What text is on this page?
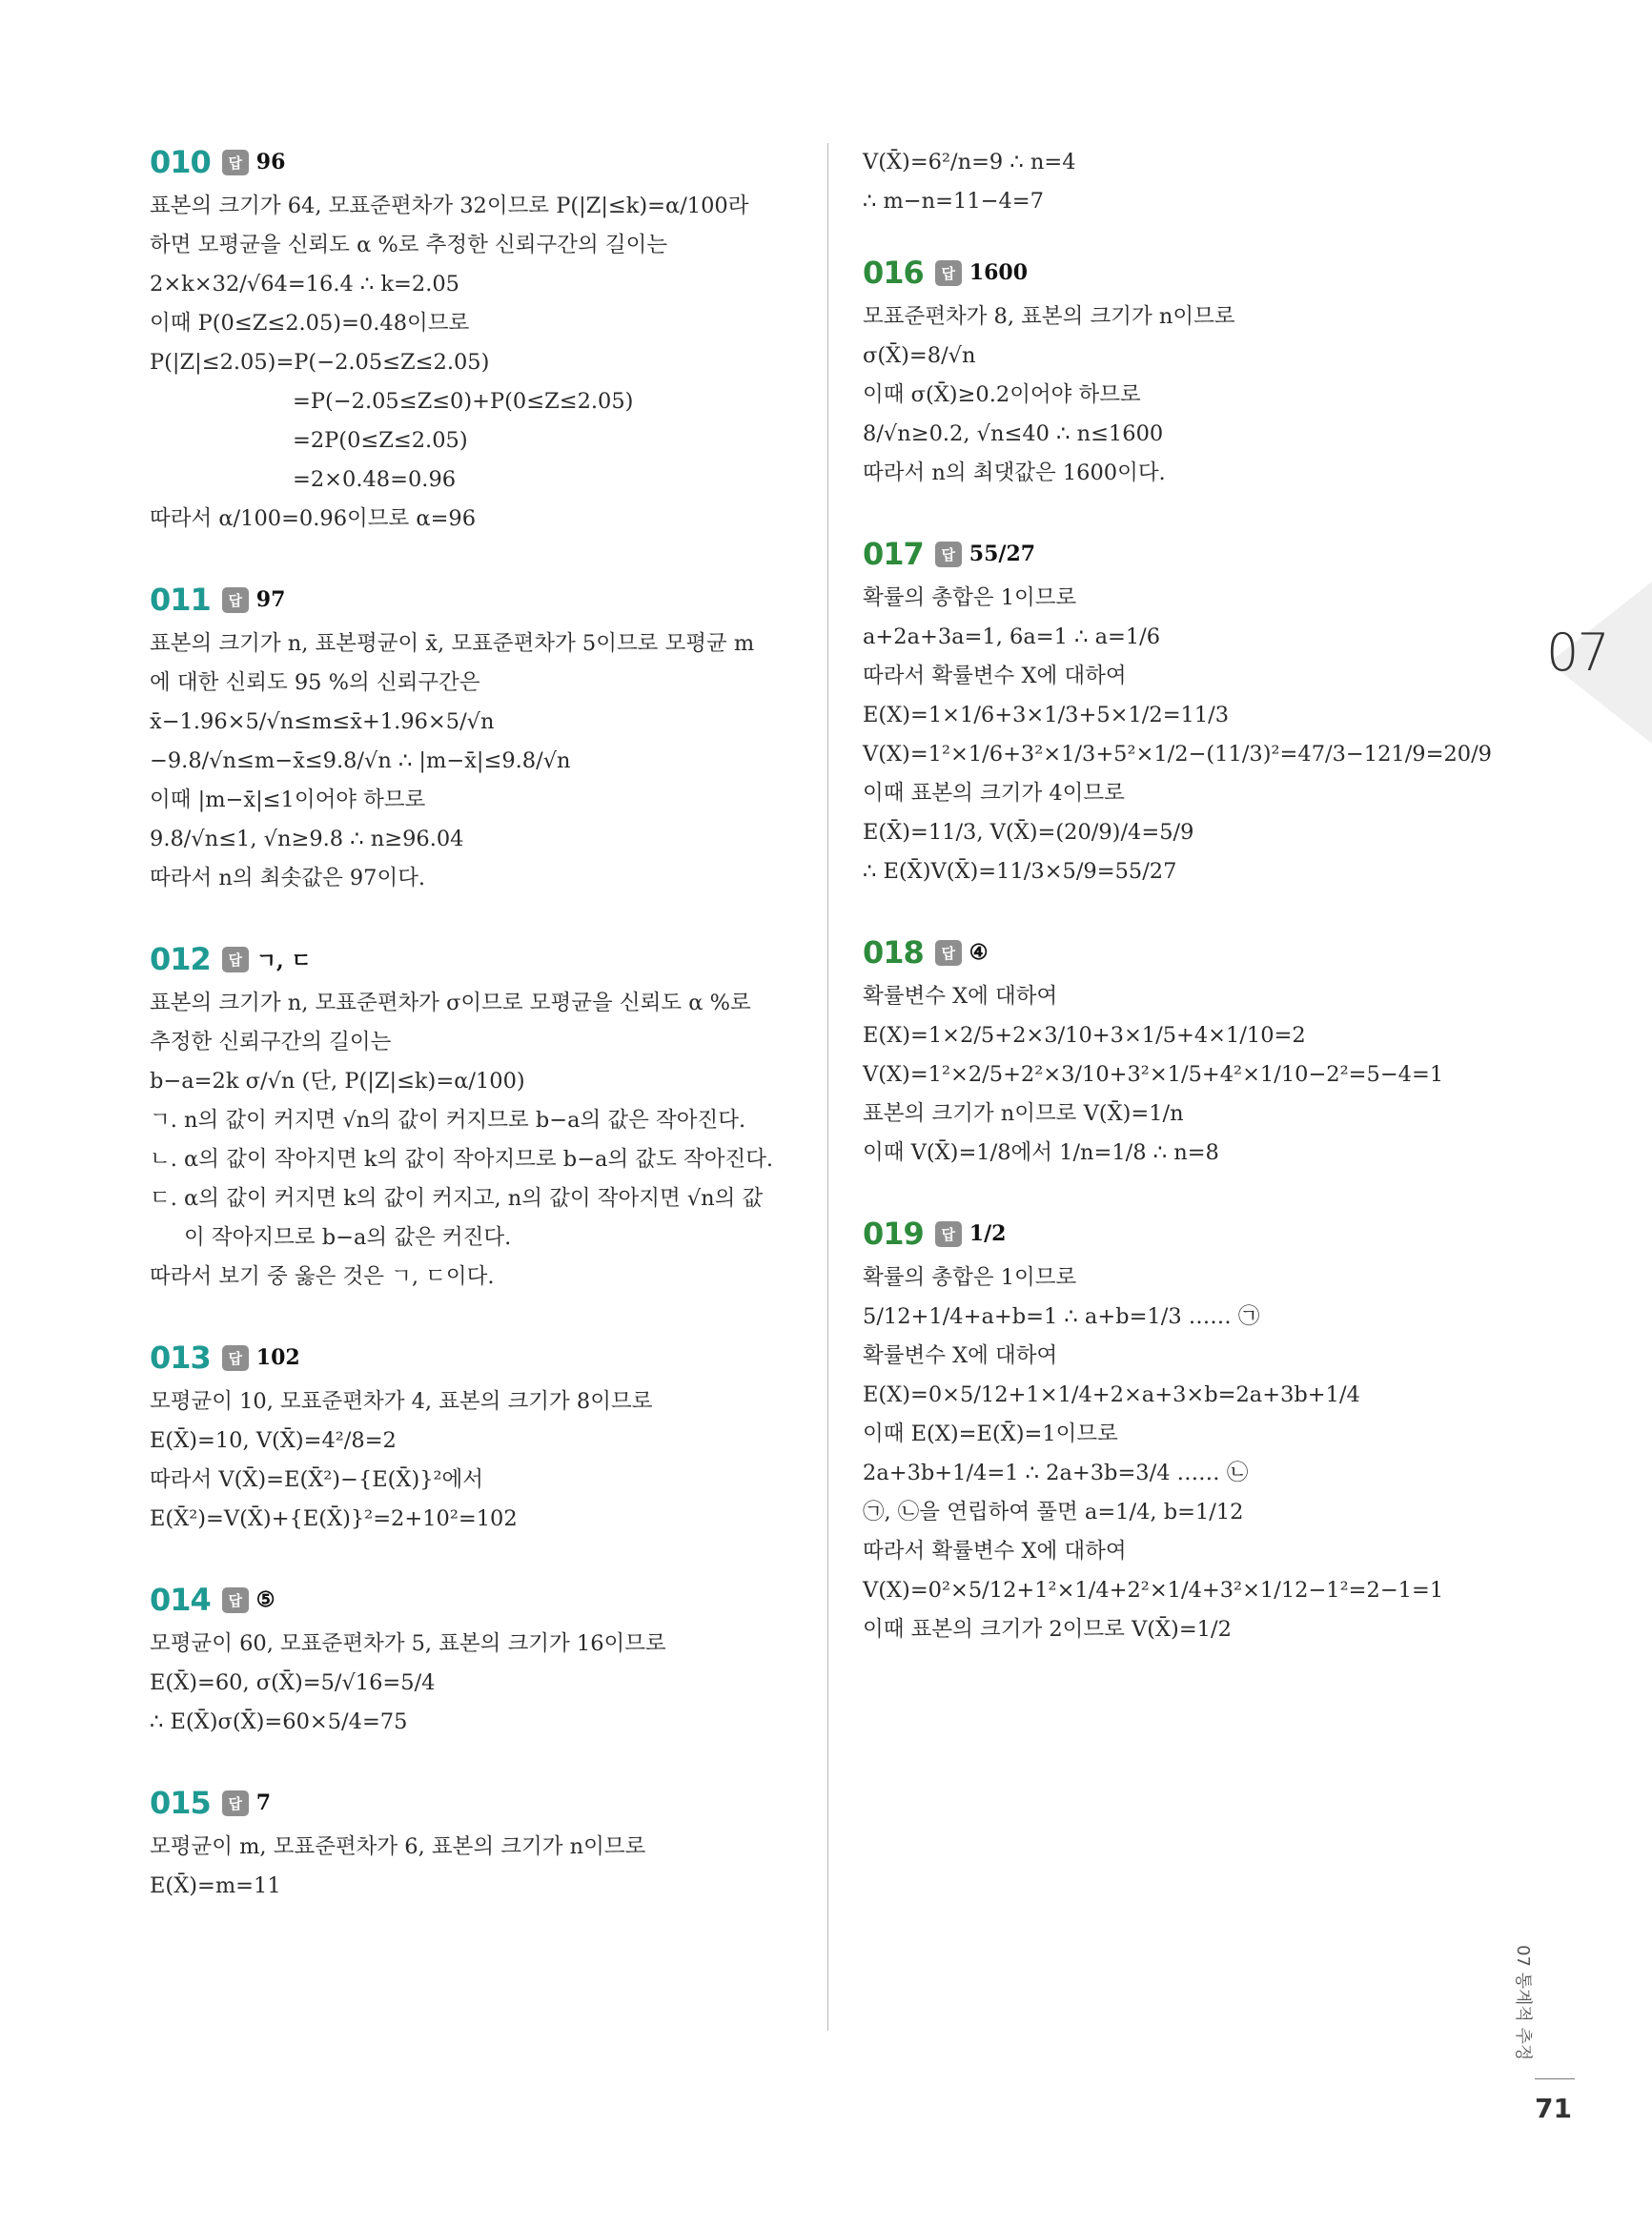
010	답 96
표본의 크기가 64, 모표준편차가 32이므로 P(|Z|≤k)=α/100라
하면 모평균을 신뢰도 α %로 추정한 신뢰구간의 길이는
2×k×32/√64=16.4 ∴ k=2.05
이때 P(0≤Z≤2.05)=0.48이므로
P(|Z|≤2.05)=P(−2.05≤Z≤2.05)
=P(−2.05≤Z≤0)+P(0≤Z≤2.05)
=2P(0≤Z≤2.05)
=2×0.48=0.96
따라서 α/100=0.96이므로 α=96
011	답 97
표본의 크기가 n, 표본평균이 x̄, 모표준편차가 5이므로 모평균 m
에 대한 신뢰도 95 %의 신뢰구간은
x̄−1.96×5/√n≤m≤x̄+1.96×5/√n
−9.8/√n≤m−x̄≤9.8/√n ∴ |m−x̄|≤9.8/√n
이때 |m−x̄|≤1이어야 하므로
9.8/√n≤1, √n≥9.8 ∴ n≥96.04
따라서 n의 최솟값은 97이다.
012	답 ㄱ, ㄷ
표본의 크기가 n, 모표준편차가 σ이므로 모평균을 신뢰도 α %로
추정한 신뢰구간의 길이는
b−a=2k σ/√n (단, P(|Z|≤k)=α/100)
ㄱ. n의 값이 커지면 √n의 값이 커지므로 b−a의 값은 작아진다.
ㄴ. α의 값이 작아지면 k의 값이 작아지므로 b−a의 값도 작아진다.
ㄷ. α의 값이 커지면 k의 값이 커지고, n의 값이 작아지면 √n의 값
이 작아지므로 b−a의 값은 커진다.
따라서 보기 중 옳은 것은 ㄱ, ㄷ이다.
013	답 102
모평균이 10, 모표준편차가 4, 표본의 크기가 8이므로
E(X̄)=10, V(X̄)=4²/8=2
따라서 V(X̄)=E(X̄²)−{E(X̄)}²에서
E(X̄²)=V(X̄)+{E(X̄)}²=2+10²=102
014	답 ⑤
모평균이 60, 모표준편차가 5, 표본의 크기가 16이므로
E(X̄)=60, σ(X̄)=5/√16=5/4
∴ E(X̄)σ(X̄)=60×5/4=75
015	답 7
모평균이 m, 모표준편차가 6, 표본의 크기가 n이므로
E(X̄)=m=11
V(X̄)=6²/n=9 ∴ n=4
∴ m−n=11−4=7
016	답 1600
모표준편차가 8, 표본의 크기가 n이므로
σ(X̄)=8/√n
이때 σ(X̄)≥0.2이어야 하므로
8/√n≥0.2, √n≤40 ∴ n≤1600
따라서 n의 최댓값은 1600이다.
017	답 55/27
확률의 총합은 1이므로
a+2a+3a=1, 6a=1 ∴ a=1/6
따라서 확률변수 X에 대하여
E(X)=1×1/6+3×1/3+5×1/2=11/3
V(X)=1²×1/6+3²×1/3+5²×1/2−(11/3)²=47/3−121/9=20/9
이때 표본의 크기가 4이므로
E(X̄)=11/3, V(X̄)=(20/9)/4=5/9
∴ E(X̄)V(X̄)=11/3×5/9=55/27
018	답 ④
확률변수 X에 대하여
E(X)=1×2/5+2×3/10+3×1/5+4×1/10=2
V(X)=1²×2/5+2²×3/10+3²×1/5+4²×1/10−2²=5−4=1
표본의 크기가 n이므로 V(X̄)=1/n
이때 V(X̄)=1/8에서 1/n=1/8 ∴ n=8
019	답 1/2
확률의 총합은 1이므로
5/12+1/4+a+b=1 ∴ a+b=1/3 …… ㉠
확률변수 X에 대하여
E(X)=0×5/12+1×1/4+2×a+3×b=2a+3b+1/4
이때 E(X)=E(X̄)=1이므로
2a+3b+1/4=1 ∴ 2a+3b=3/4 …… ㉡
㉠, ㉡을 연립하여 풀면 a=1/4, b=1/12
따라서 확률변수 X에 대하여
V(X)=0²×5/12+1²×1/4+2²×1/4+3²×1/12−1²=2−1=1
이때 표본의 크기가 2이므로 V(X̄)=1/2
07
07 통계적 추정
71
